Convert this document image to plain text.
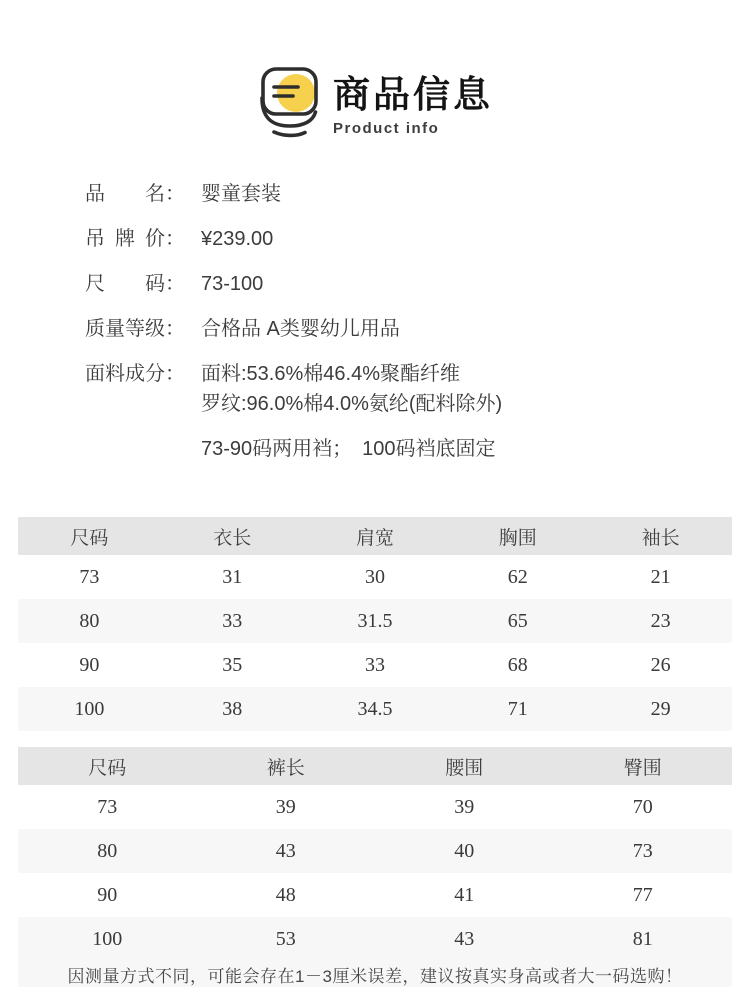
商品信息
Product info
品名 ： 婴童套装
吊牌价 ： ¥239.00
尺码 ： 73-100
质量等级 ： 合格品 A类婴幼儿用品
面料成分 ： 面料:53.6%棉46.4%聚酯纤维
罗纹:96.0%棉4.0%氨纶(配料除外)
73-90码两用裆；　100码裆底固定
尺码	衣长	肩宽	胸围	袖长
73	31	30	62	21
80	33	31.5	65	23
90	35	33	68	26
100	38	34.5	71	29
尺码	裤长	腰围	臀围
73	39	39	70
80	43	40	73
90	48	41	77
100	53	43	81
因测量方式不同，可能会存在1－3厘米误差，建议按真实身高或者大一码选购！
